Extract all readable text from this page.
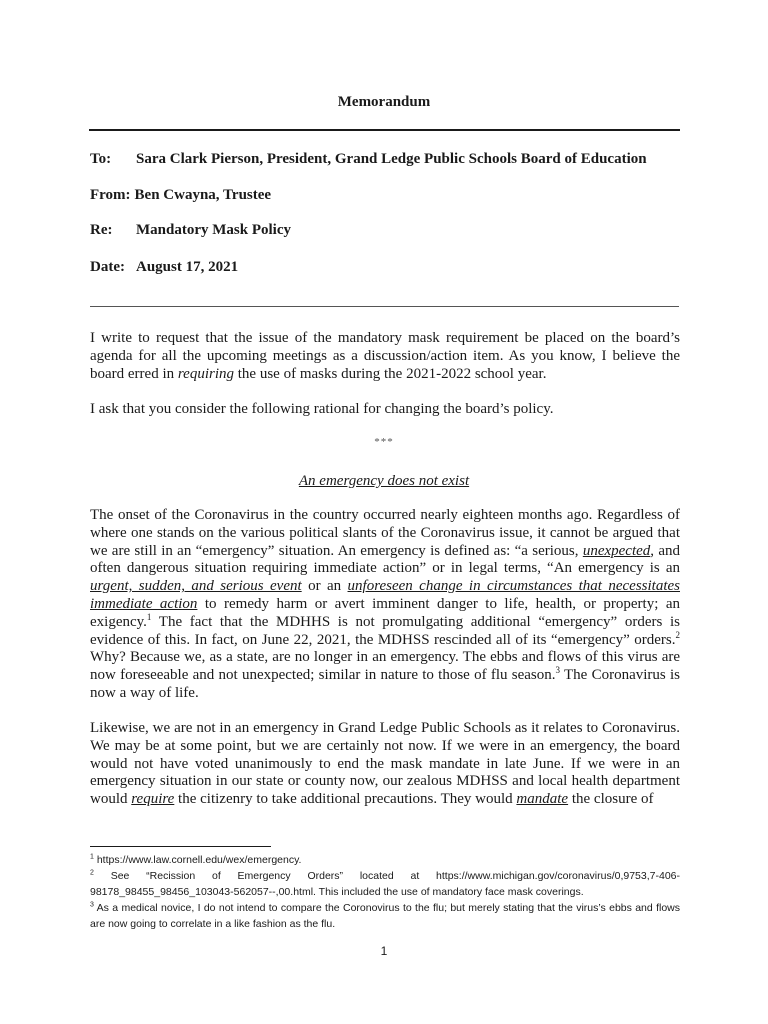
Memorandum
To: Sara Clark Pierson, President, Grand Ledge Public Schools Board of Education
From: Ben Cwayna, Trustee
Re: Mandatory Mask Policy
Date: August 17, 2021
I write to request that the issue of the mandatory mask requirement be placed on the board’s agenda for all the upcoming meetings as a discussion/action item. As you know, I believe the board erred in requiring the use of masks during the 2021-2022 school year.
I ask that you consider the following rational for changing the board’s policy.
***
An emergency does not exist
The onset of the Coronavirus in the country occurred nearly eighteen months ago. Regardless of where one stands on the various political slants of the Coronavirus issue, it cannot be argued that we are still in an “emergency” situation. An emergency is defined as: “a serious, unexpected, and often dangerous situation requiring immediate action” or in legal terms, “An emergency is an urgent, sudden, and serious event or an unforeseen change in circumstances that necessitates immediate action to remedy harm or avert imminent danger to life, health, or property; an exigency.$^1$ The fact that the MDHHS is not promulgating additional “emergency” orders is evidence of this. In fact, on June 22, 2021, the MDHSS rescinded all of its “emergency” orders.$^2$ Why? Because we, as a state, are no longer in an emergency. The ebbs and flows of this virus are now foreseeable and not unexpected; similar in nature to those of flu season.$^3$ The Coronavirus is now a way of life.
Likewise, we are not in an emergency in Grand Ledge Public Schools as it relates to Coronavirus. We may be at some point, but we are certainly not now. If we were in an emergency, the board would not have voted unanimously to end the mask mandate in late June. If we were in an emergency situation in our state or county now, our zealous MDHSS and local health department would require the citizenry to take additional precautions. They would mandate the closure of
$^1$ https://www.law.cornell.edu/wex/emergency.
$^2$ See “Recission of Emergency Orders” located at https://www.michigan.gov/coronavirus/0,9753,7-406-98178_98455_98456_103043-562057--,00.html. This included the use of mandatory face mask coverings.
$^3$ As a medical novice, I do not intend to compare the Coronovirus to the flu; but merely stating that the virus’s ebbs and flows are now going to correlate in a like fashion as the flu.
1
